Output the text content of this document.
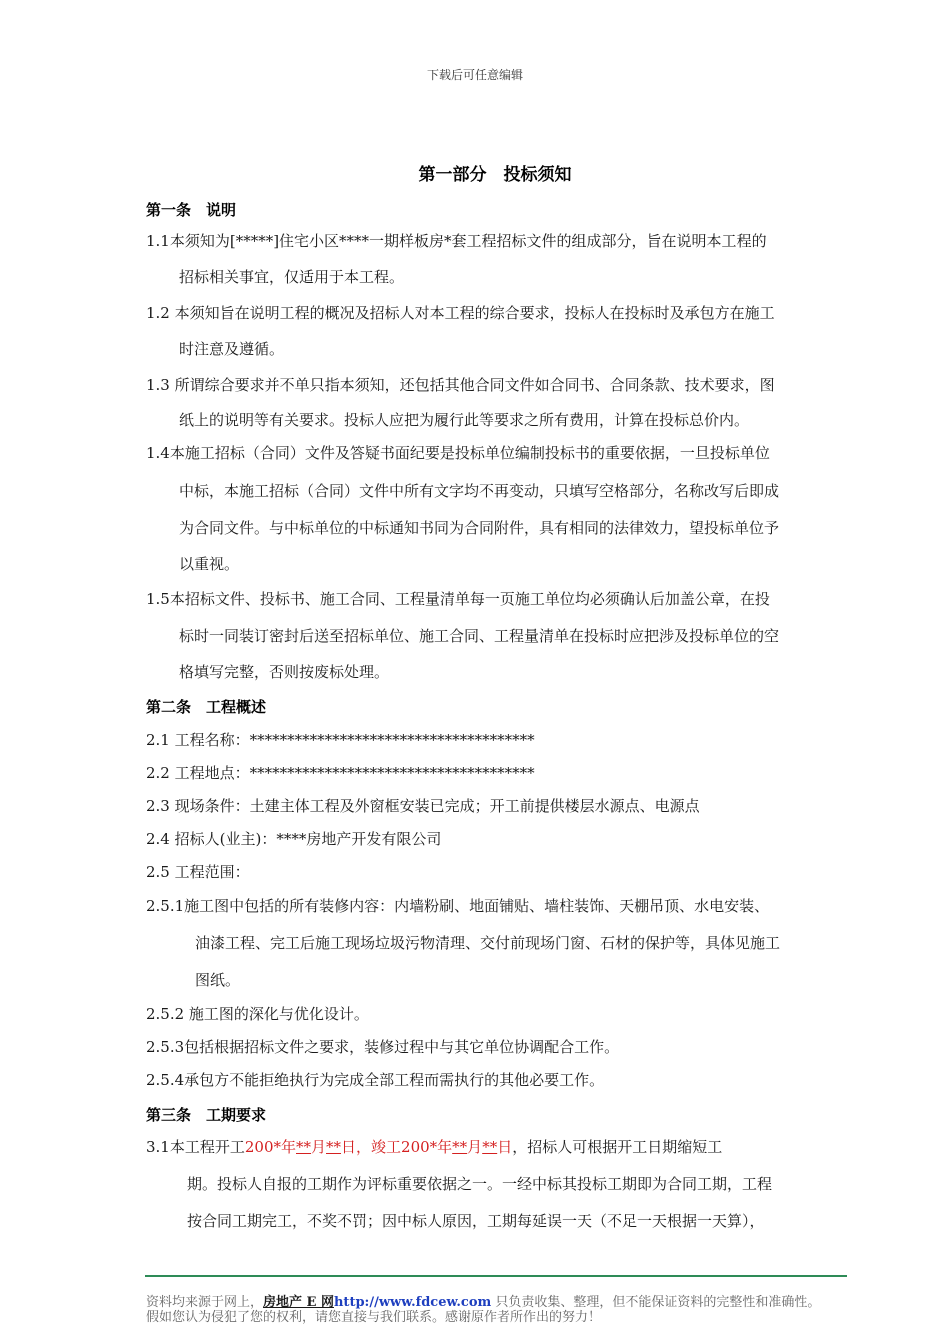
下载后可任意编辑
第一部分　投标须知
第一条　说明
1.1本须知为[*****]住宅小区****一期样板房*套工程招标文件的组成部分，旨在说明本工程的
招标相关事宜，仅适用于本工程。
1.2 本须知旨在说明工程的概况及招标人对本工程的综合要求，投标人在投标时及承包方在施工
时注意及遵循。
1.3 所谓综合要求并不单只指本须知，还包括其他合同文件如合同书、合同条款、技术要求，图
纸上的说明等有关要求。投标人应把为履行此等要求之所有费用，计算在投标总价内。
1.4本施工招标（合同）文件及答疑书面纪要是投标单位编制投标书的重要依据，一旦投标单位
中标，本施工招标（合同）文件中所有文字均不再变动，只填写空格部分，名称改写后即成
为合同文件。与中标单位的中标通知书同为合同附件，具有相同的法律效力，望投标单位予
以重视。
1.5本招标文件、投标书、施工合同、工程量清单每一页施工单位均必须确认后加盖公章，在投
标时一同装订密封后送至招标单位、施工合同、工程量清单在投标时应把涉及投标单位的空
格填写完整，否则按废标处理。
第二条　工程概述
2.1 工程名称：**************************************
2.2 工程地点：**************************************
2.3 现场条件：土建主体工程及外窗框安装已完成；开工前提供楼层水源点、电源点
2.4 招标人(业主)：****房地产开发有限公司
2.5 工程范围：
2.5.1施工图中包括的所有装修内容：内墙粉刷、地面铺贴、墙柱装饰、天棚吊顶、水电安装、
油漆工程、完工后施工现场垃圾污物清理、交付前现场门窗、石材的保护等，具体见施工
图纸。
2.5.2 施工图的深化与优化设计。
2.5.3包括根据招标文件之要求，装修过程中与其它单位协调配合工作。
2.5.4承包方不能拒绝执行为完成全部工程而需执行的其他必要工作。
第三条　工期要求
3.1本工程开工200*年**月**日，竣工200*年**月**日，招标人可根据开工日期缩短工
期。投标人自报的工期作为评标重要依据之一。一经中标其投标工期即为合同工期，工程
按合同工期完工，不奖不罚；因中标人原因，工期每延误一天（不足一天根据一天算），
资料均来源于网上，房地产 E 网http://www.fdcew.com 只负责收集、整理，但不能保证资料的完整性和准确性。
假如您认为侵犯了您的权利，请您直接与我们联系。感谢原作者所作出的努力！
